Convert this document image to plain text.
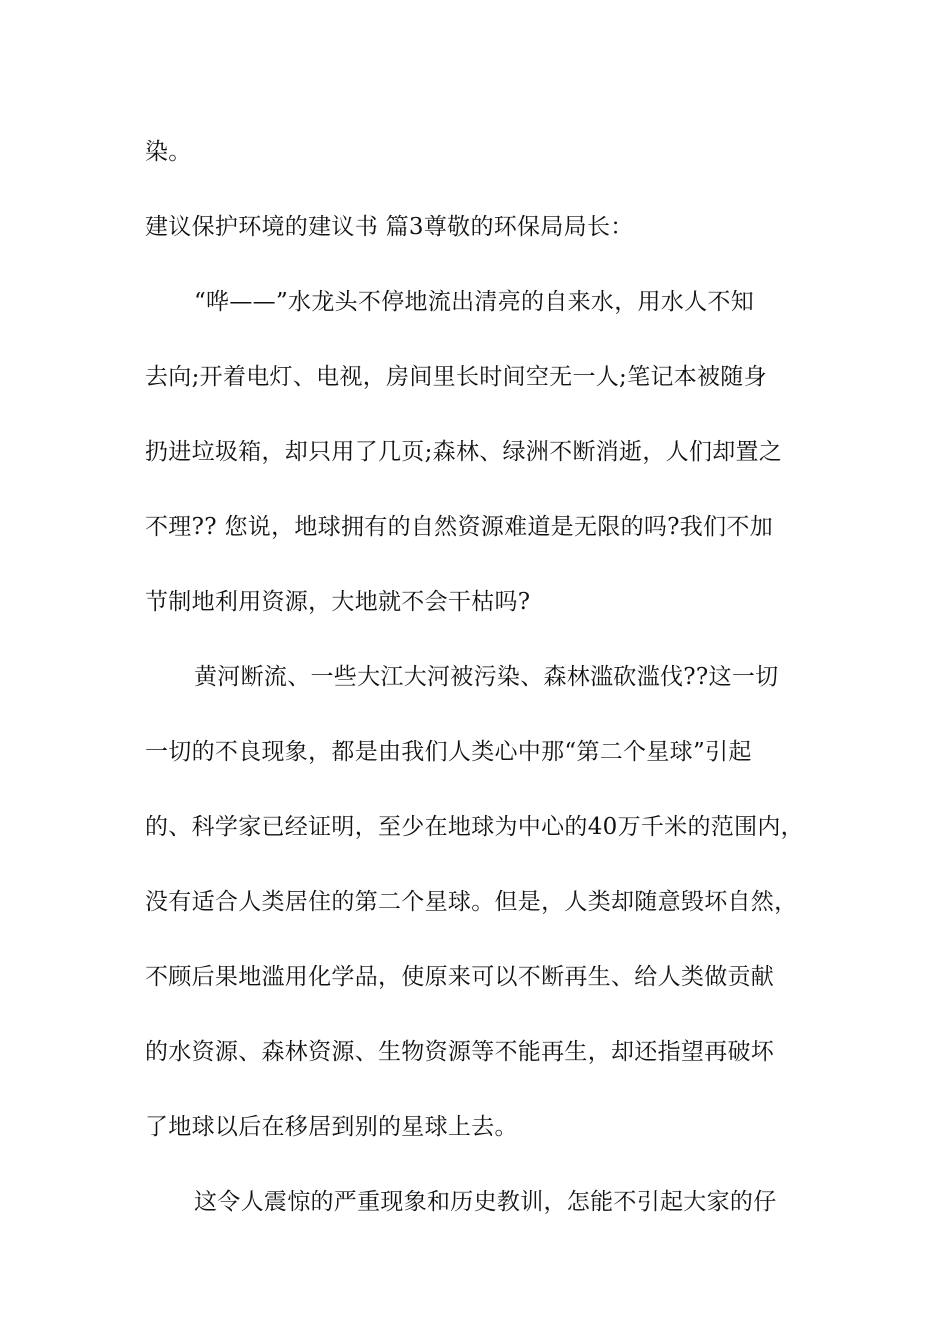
染。
建议保护环境的建议书 篇3尊敬的环保局局长：
“哗——”水龙头不停地流出清亮的自来水，用水人不知
去向;开着电灯、电视，房间里长时间空无一人;笔记本被随身
扔进垃圾箱，却只用了几页;森林、绿洲不断消逝，人们却置之
不理?? 您说，地球拥有的自然资源难道是无限的吗?我们不加
节制地利用资源，大地就不会干枯吗?
黄河断流、一些大江大河被污染、森林滥砍滥伐??这一切
一切的不良现象，都是由我们人类心中那“第二个星球”引起
的、科学家已经证明，至少在地球为中心的40万千米的范围内，
没有适合人类居住的第二个星球。但是，人类却随意毁坏自然，
不顾后果地滥用化学品，使原来可以不断再生、给人类做贡献
的水资源、森林资源、生物资源等不能再生，却还指望再破坏
了地球以后在移居到别的星球上去。
这令人震惊的严重现象和历史教训，怎能不引起大家的仔
